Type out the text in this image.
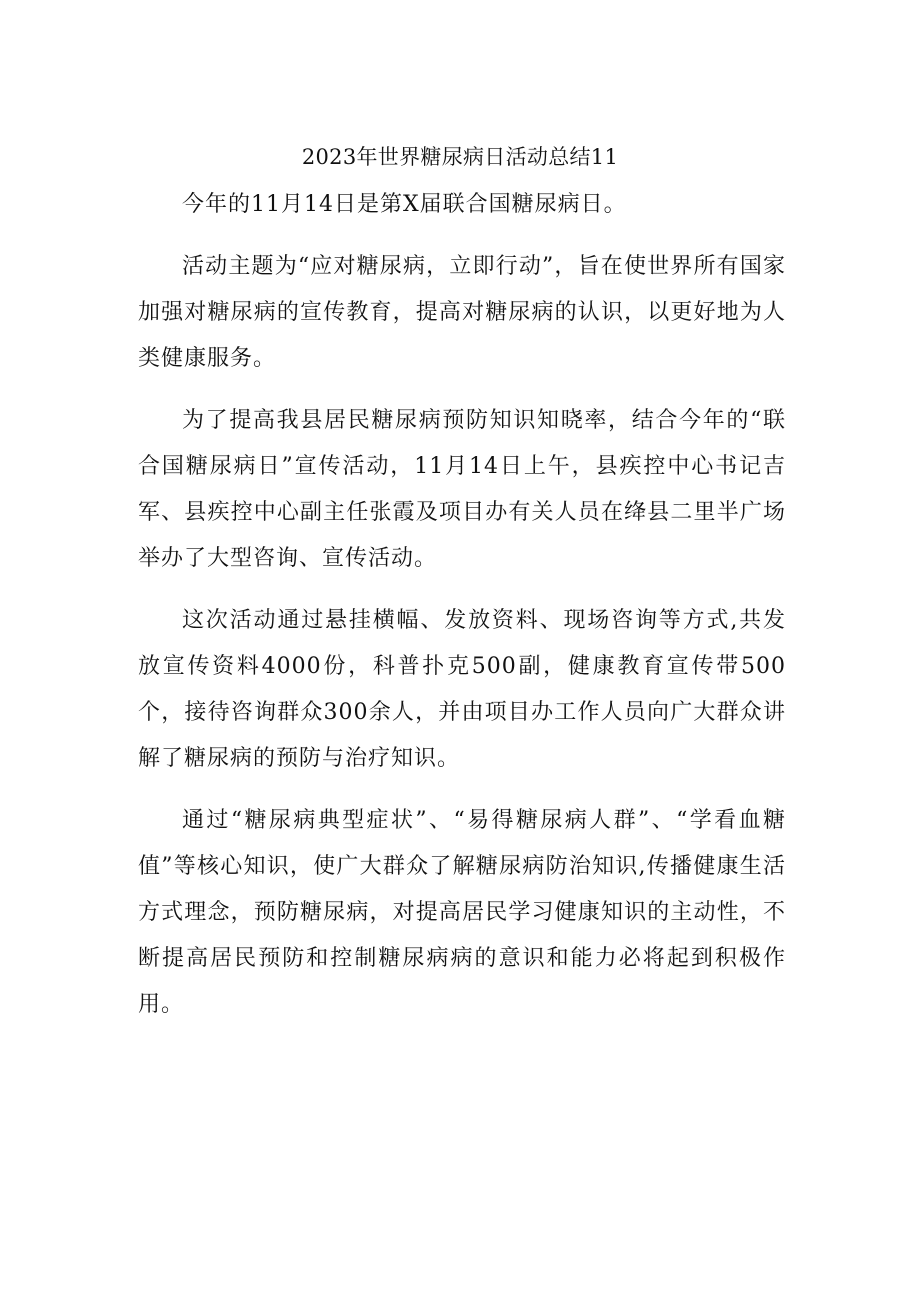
2023年世界糖尿病日活动总结11

今年的11月14日是第X届联合国糖尿病日。

活动主题为“应对糖尿病，立即行动”，旨在使世界所有国家加强对糖尿病的宣传教育，提高对糖尿病的认识，以更好地为人类健康服务。

为了提高我县居民糖尿病预防知识知晓率，结合今年的“联合国糖尿病日”宣传活动，11月14日上午，县疾控中心书记吉军、县疾控中心副主任张霞及项目办有关人员在绛县二里半广场举办了大型咨询、宣传活动。

这次活动通过悬挂横幅、发放资料、现场咨询等方式,共发放宣传资料4000份，科普扑克500副，健康教育宣传带500个，接待咨询群众300余人，并由项目办工作人员向广大群众讲解了糖尿病的预防与治疗知识。

通过“糖尿病典型症状”、“易得糖尿病人群”、“学看血糖值”等核心知识，使广大群众了解糖尿病防治知识,传播健康生活方式理念，预防糖尿病，对提高居民学习健康知识的主动性，不断提高居民预防和控制糖尿病病的意识和能力必将起到积极作用。
